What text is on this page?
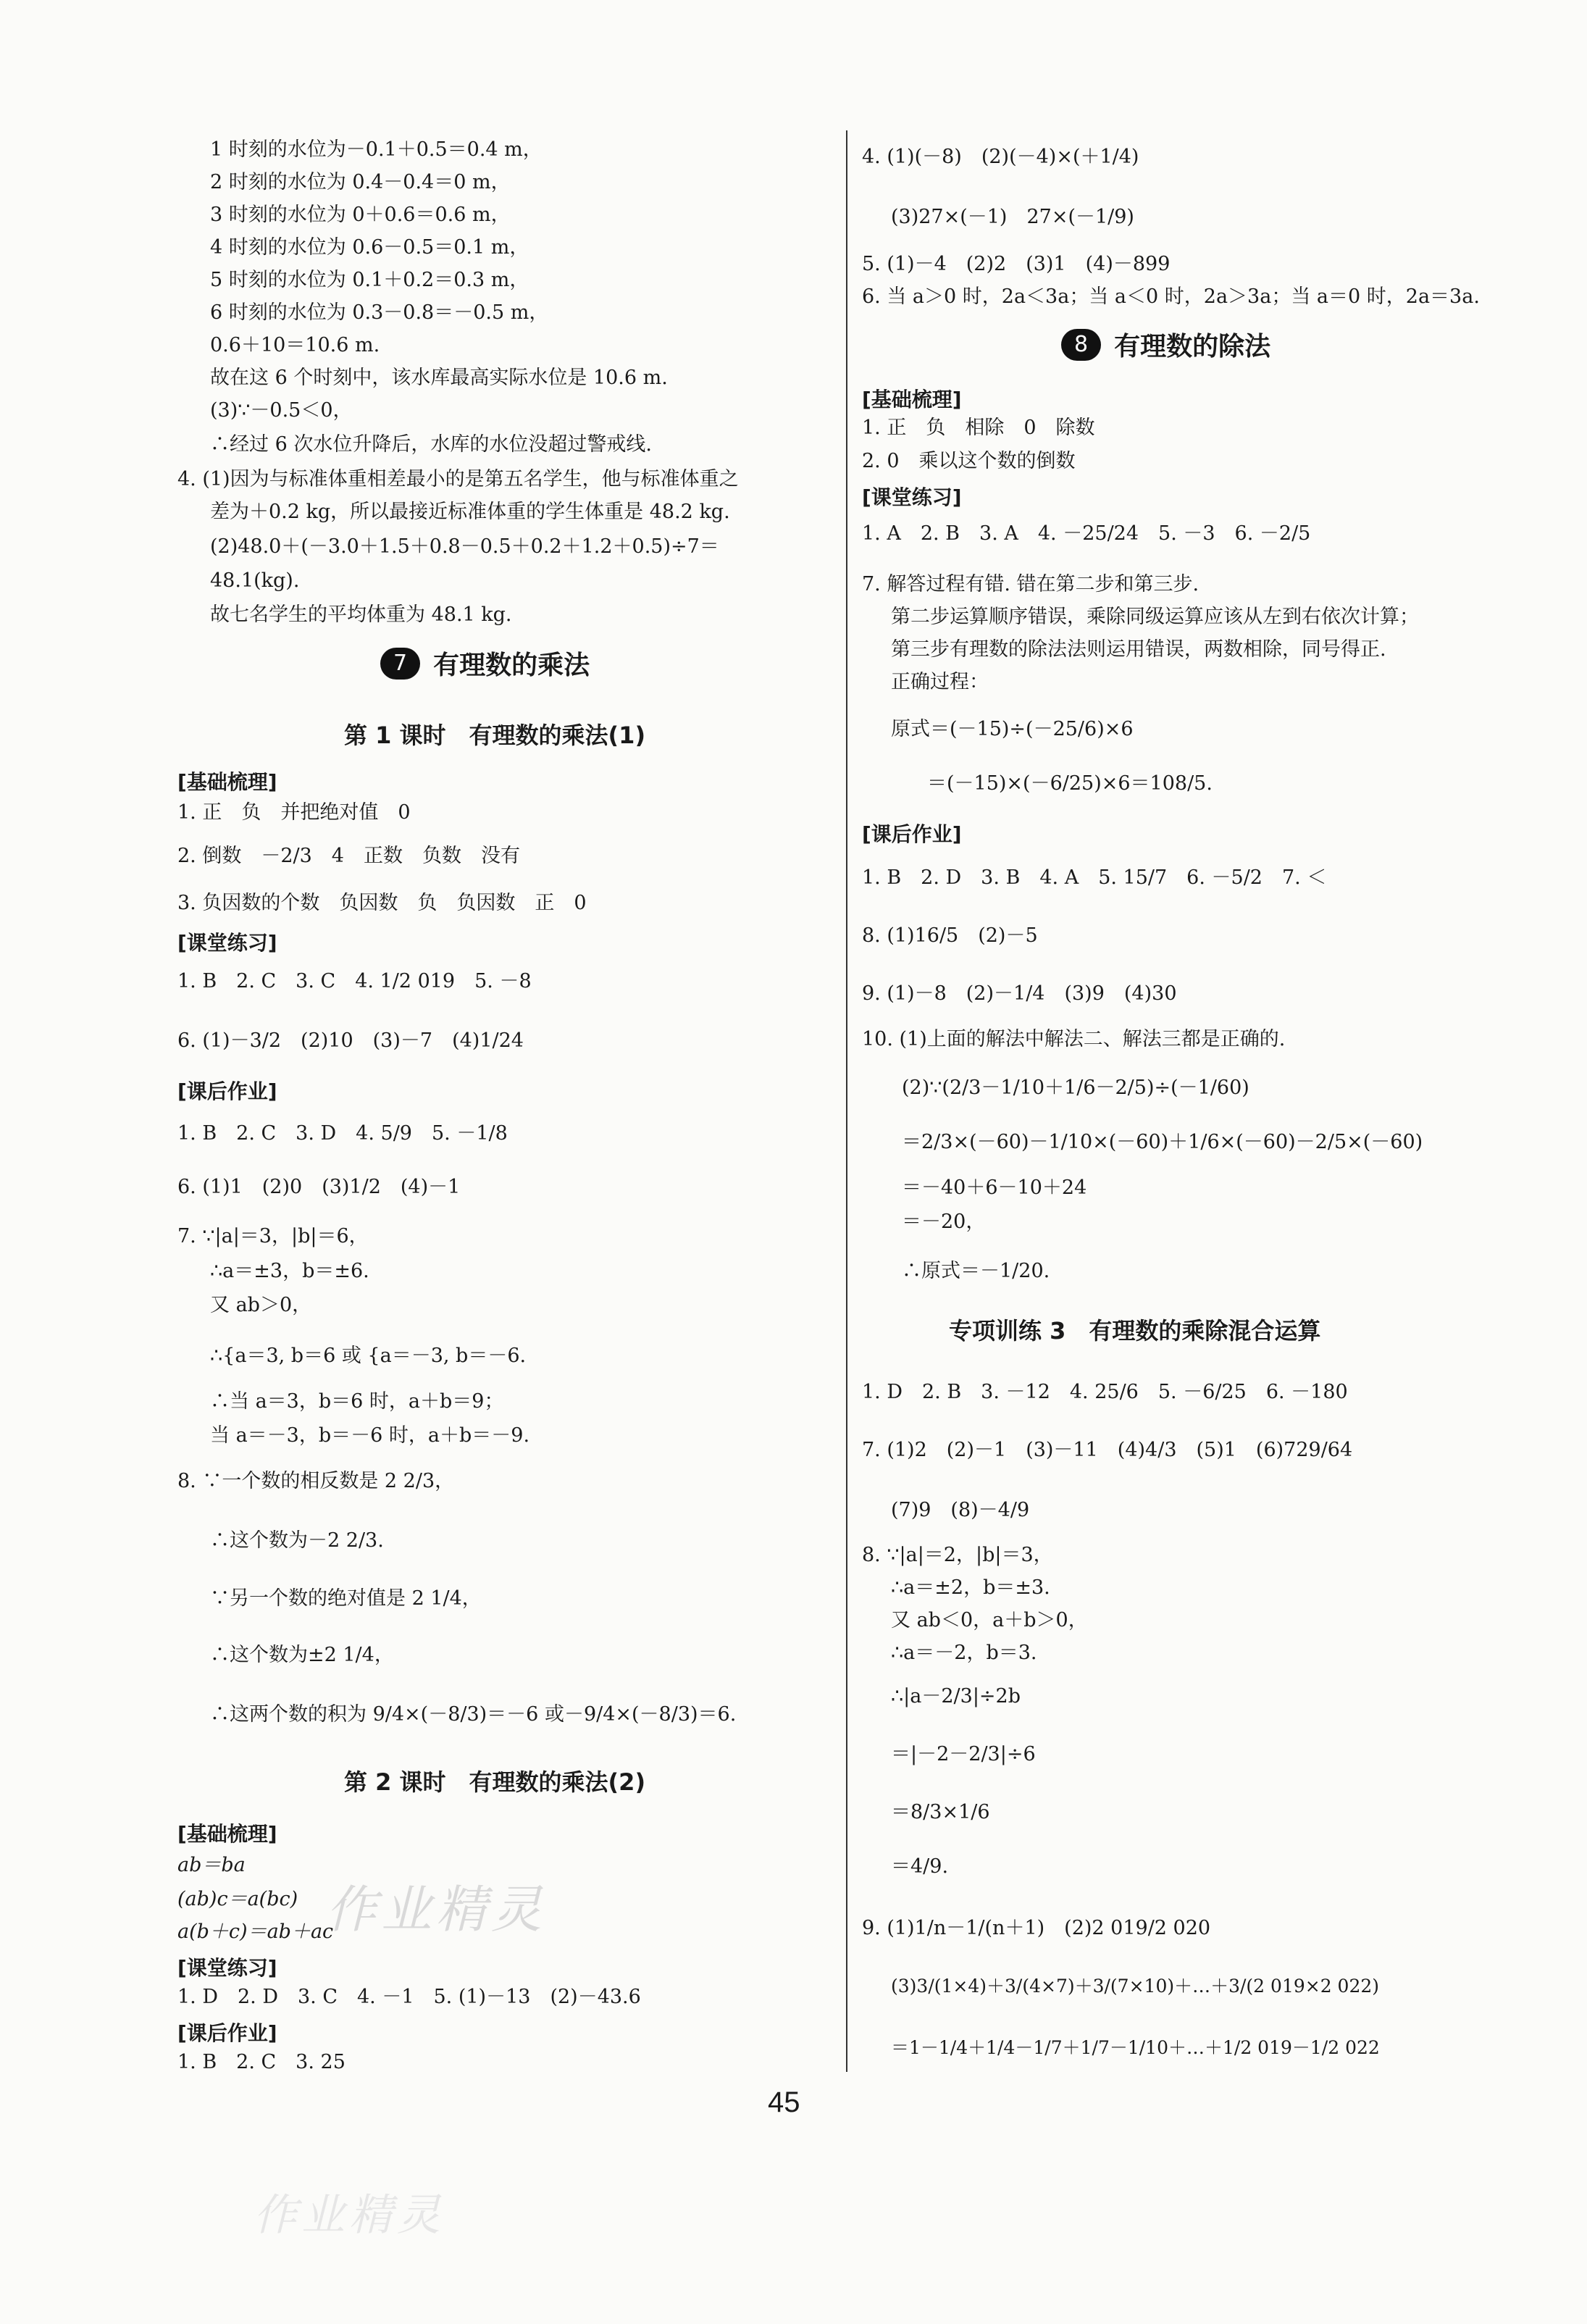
1 时刻的水位为－0.1＋0.5＝0.4 m，
2 时刻的水位为 0.4－0.4＝0 m，
3 时刻的水位为 0＋0.6＝0.6 m，
4 时刻的水位为 0.6－0.5＝0.1 m，
5 时刻的水位为 0.1＋0.2＝0.3 m，
6 时刻的水位为 0.3－0.8＝－0.5 m，
0.6＋10＝10.6 m.
故在这 6 个时刻中，该水库最高实际水位是 10.6 m.
(3)∵－0.5＜0，
∴经过 6 次水位升降后，水库的水位没超过警戒线.
4. (1)因为与标准体重相差最小的是第五名学生，他与标准体重之
差为＋0.2 kg，所以最接近标准体重的学生体重是 48.2 kg.
(2)48.0＋(－3.0＋1.5＋0.8－0.5＋0.2＋1.2＋0.5)÷7＝
48.1(kg).
故七名学生的平均体重为 48.1 kg.
7 有理数的乘法
第 1 课时　有理数的乘法(1)
[基础梳理]
1. 正　负　并把绝对值　0
2. 倒数　－2/3　4　正数　负数　没有
3. 负因数的个数　负因数　负　负因数　正　0
[课堂练习]
1. B　2. C　3. C　4. 1/2 019　5. －8
6. (1)－3/2　(2)10　(3)－7　(4)1/24
[课后作业]
1. B　2. C　3. D　4. 5/9　5. －1/8
6. (1)1　(2)0　(3)1/2　(4)－1
7. ∵|a|＝3，|b|＝6，
∴a＝±3，b＝±6.
又 ab＞0，
∴{a＝3, b＝6 或 {a＝－3, b＝－6.
∴当 a＝3，b＝6 时，a＋b＝9；
当 a＝－3，b＝－6 时，a＋b＝－9.
8. ∵一个数的相反数是 2 2/3，
∴这个数为－2 2/3.
∵另一个数的绝对值是 2 1/4，
∴这个数为±2 1/4，
∴这两个数的积为 9/4×(－8/3)＝－6 或－9/4×(－8/3)＝6.
第 2 课时　有理数的乘法(2)
[基础梳理]
ab＝ba
(ab)c＝a(bc)
a(b＋c)＝ab＋ac
[课堂练习]
1. D　2. D　3. C　4. －1　5. (1)－13　(2)－43.6
[课后作业]
1. B　2. C　3. 25
4. (1)(－8)　(2)(－4)×(＋1/4)
(3)27×(－1)　27×(－1/9)
5. (1)－4　(2)2　(3)1　(4)－899
6. 当 a＞0 时，2a＜3a；当 a＜0 时，2a＞3a；当 a＝0 时，2a＝3a.
8 有理数的除法
[基础梳理]
1. 正　负　相除　0　除数
2. 0　乘以这个数的倒数
[课堂练习]
1. A　2. B　3. A　4. －25/24　5. －3　6. －2/5
7. 解答过程有错. 错在第二步和第三步.
第二步运算顺序错误，乘除同级运算应该从左到右依次计算；
第三步有理数的除法法则运用错误，两数相除，同号得正.
正确过程：
原式＝(－15)÷(－25/6)×6
＝(－15)×(－6/25)×6＝108/5.
[课后作业]
1. B　2. D　3. B　4. A　5. 15/7　6. －5/2　7. ＜
8. (1)16/5　(2)－5
9. (1)－8　(2)－1/4　(3)9　(4)30
10. (1)上面的解法中解法二、解法三都是正确的.
(2)∵(2/3－1/10＋1/6－2/5)÷(－1/60)
＝2/3×(－60)－1/10×(－60)＋1/6×(－60)－2/5×(－60)
＝－40＋6－10＋24
＝－20，
∴原式＝－1/20.
专项训练 3　有理数的乘除混合运算
1. D　2. B　3. －12　4. 25/6　5. －6/25　6. －180
7. (1)2　(2)－1　(3)－11　(4)4/3　(5)1　(6)729/64
(7)9　(8)－4/9
8. ∵|a|＝2，|b|＝3，
∴a＝±2，b＝±3.
又 ab＜0，a＋b＞0，
∴a＝－2，b＝3.
∴|a－2/3|÷2b
＝|－2－2/3|÷6
＝8/3×1/6
＝4/9.
9. (1)1/n－1/(n＋1)　(2)2 019/2 020
(3)3/(1×4)＋3/(4×7)＋3/(7×10)＋…＋3/(2 019×2 022)
＝1－1/4＋1/4－1/7＋1/7－1/10＋…＋1/2 019－1/2 022
45
作业精灵
作业精灵
